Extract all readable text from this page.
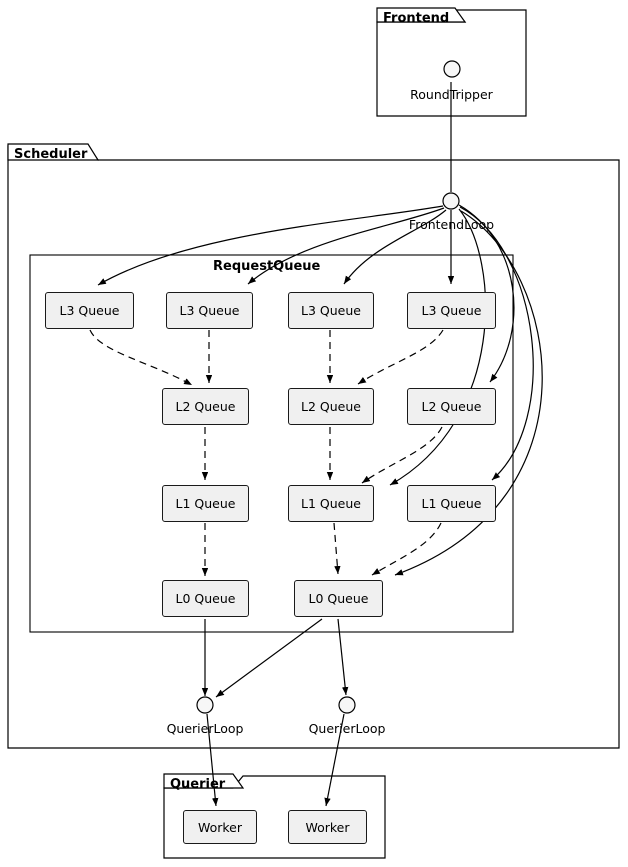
Frontend
Scheduler
Querier
RequestQueue
RoundTripper
Worker	Worker
FrontendLoop
QuerierLoop	QuerierLoop
L3 Queue	L3 Queue	L3 Queue	L3 Queue
L2 Queue	L2 Queue	L2 Queue
L1 Queue	L1 Queue	L1 Queue
L0 Queue	L0 Queue
